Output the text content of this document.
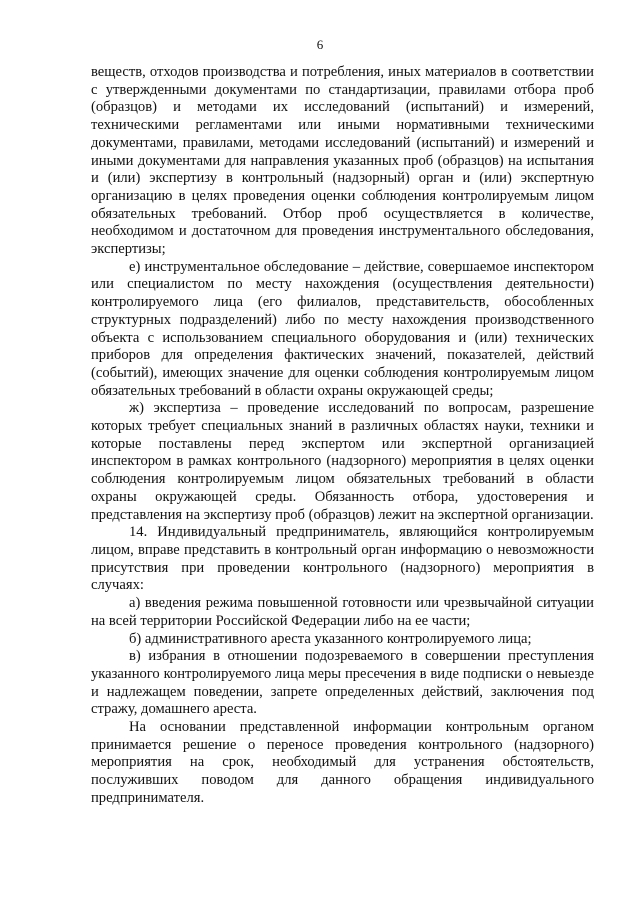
6

веществ, отходов производства и потребления, иных материалов в соответствии с утвержденными документами по стандартизации, правилами отбора проб (образцов) и методами их исследований (испытаний) и измерений, техническими регламентами или иными нормативными техническими документами, правилами, методами исследований (испытаний) и измерений и иными документами для направления указанных проб (образцов) на испытания и (или) экспертизу в контрольный (надзорный) орган и (или) экспертную организацию в целях проведения оценки соблюдения контролируемым лицом обязательных требований. Отбор проб осуществляется в количестве, необходимом и достаточном для проведения инструментального обследования, экспертизы;

е) инструментальное обследование – действие, совершаемое инспектором или специалистом по месту нахождения (осуществления деятельности) контролируемого лица (его филиалов, представительств, обособленных структурных подразделений) либо по месту нахождения производственного объекта с использованием специального оборудования и (или) технических приборов для определения фактических значений, показателей, действий (событий), имеющих значение для оценки соблюдения контролируемым лицом обязательных требований в области охраны окружающей среды;

ж) экспертиза – проведение исследований по вопросам, разрешение которых требует специальных знаний в различных областях науки, техники и которые поставлены перед экспертом или экспертной организацией инспектором в рамках контрольного (надзорного) мероприятия в целях оценки соблюдения контролируемым лицом обязательных требований в области охраны окружающей среды. Обязанность отбора, удостоверения и представления на экспертизу проб (образцов) лежит на экспертной организации.

14. Индивидуальный предприниматель, являющийся контролируемым лицом, вправе представить в контрольный орган информацию о невозможности присутствия при проведении контрольного (надзорного) мероприятия в случаях:

а) введения режима повышенной готовности или чрезвычайной ситуации на всей территории Российской Федерации либо на ее части;

б) административного ареста указанного контролируемого лица;

в) избрания в отношении подозреваемого в совершении преступления указанного контролируемого лица меры пресечения в виде подписки о невыезде и надлежащем поведении, запрете определенных действий, заключения под стражу, домашнего ареста.

На основании представленной информации контрольным органом принимается решение о переносе проведения контрольного (надзорного) мероприятия на срок, необходимый для устранения обстоятельств, послуживших поводом для данного обращения индивидуального предпринимателя.
